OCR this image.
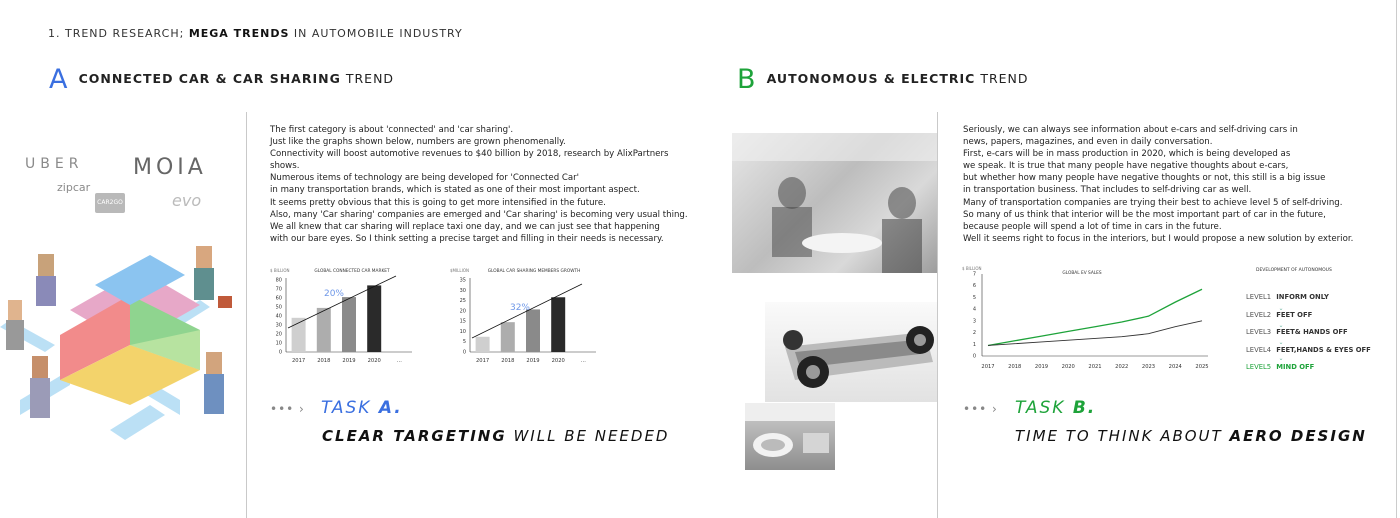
1. TREND RESEARCH; MEGA TRENDS IN AUTOMOBILE INDUSTRY
A $^{CONNECTED CAR \& CAR SHARING TREND}$	B $^{AUTONOMOUS \& ELECTRIC TREND}$
UBER MOIA
zipcar
CAR2GO	evo
The first category is about 'connected' and 'car sharing'.
Just like the graphs shown below, numbers are grown phenomenally.
Connectivity will boost automotive revenues to $40 billion by 2018, research by AlixPartners shows.
Numerous items of technology are being developed for 'Connected Car'
in many transportation brands, which is stated as one of their most important aspect.
It seems pretty obvious that this is going to get more intensified in the future.
Also, many 'Car sharing' companies are emerged and 'Car sharing' is becoming very usual thing.
We all knew that car sharing will replace taxi one day, and we can just see that happening
with our bare eyes. So I think setting a precise target and filling in their needs is necessary.
$ BILLION	GLOBAL CONNECTED CAR MARKET
0
10
20
30
40
50
60
70
80
2017 2018 2019 2020	...
20%
$MILLION	GLOBAL CAR SHARING MEMBERS GROWTH
0
5
10
15
20
25
30
35
2017 2018 2019 2020	...
32%
••• › TASK A.
CLEAR TARGETING WILL BE NEEDED
Seriously, we can always see information about e-cars and self-driving cars in
news, papers, magazines, and even in daily conversation.
First, e-cars will be in mass production in 2020, which is being developed as
we speak. It is true that many people have negative thoughts about e-cars,
but whether how many people have negative thoughts or not, this still is a big issue
in transportation business. That includes to self-driving car as well.
Many of transportation companies are trying their best to achieve level 5 of self-driving.
So many of us think that interior will be the most important part of car in the future,
because people will spend a lot of time in cars in the future.
Well it seems right to focus in the interiors, but I would propose a new solution by exterior.
$ BILLION
GLOBAL EV SALES
0
1
2
3
4
5
6
7
2017	2018	2019	2020	2021	2022	2023	2024	2025
DEVELOPMENT OF AUTONOMOUS
LEVEL1 INFORM ONLY
LEVEL2 FEET OFF
LEVEL3 FEET& HANDS OFF
LEVEL4 FEET,HANDS & EYES OFF
LEVEL5 MIND OFF
⌄
⌄
⌄
⌄
••• › TASK B.
TIME TO THINK ABOUT AERO DESIGN
